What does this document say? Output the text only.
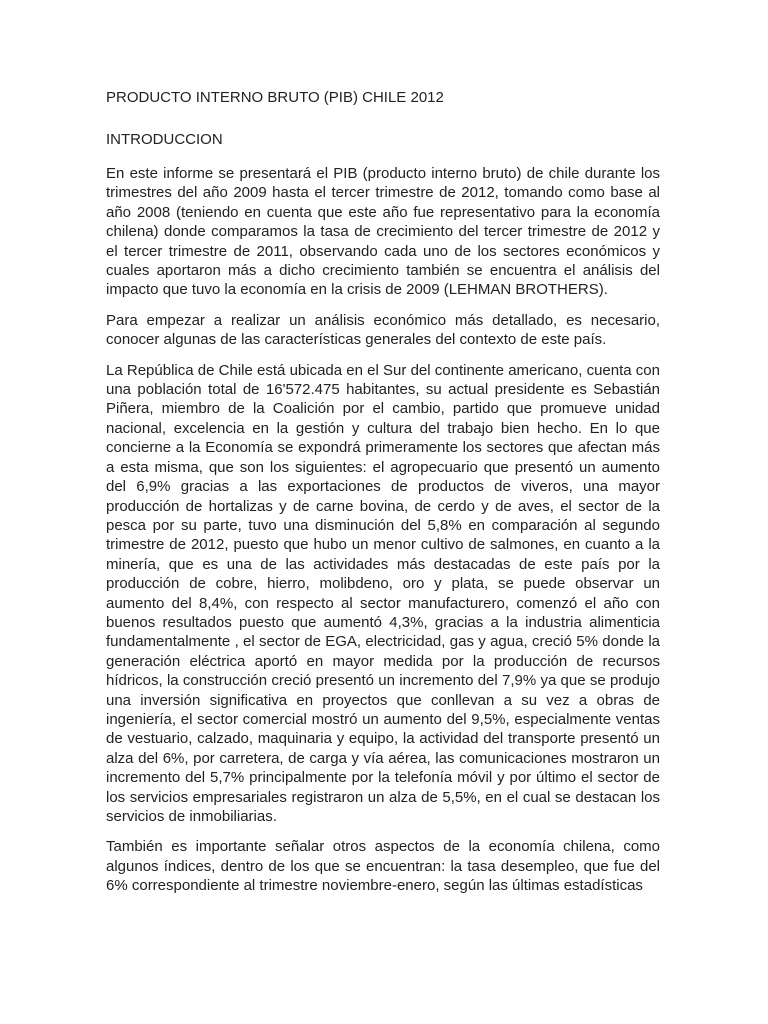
PRODUCTO INTERNO BRUTO (PIB) CHILE 2012
INTRODUCCION

En este informe se presentará el PIB (producto interno bruto) de chile durante los trimestres del año 2009 hasta el tercer trimestre de 2012, tomando como base al año 2008 (teniendo en cuenta que este año fue representativo para la economía chilena) donde comparamos la tasa de crecimiento del tercer trimestre de 2012 y el tercer trimestre de 2011, observando cada uno de los sectores económicos y cuales aportaron más a dicho crecimiento también se encuentra el análisis del impacto que tuvo la economía en la crisis de 2009 (LEHMAN BROTHERS).

Para empezar a realizar un análisis económico más detallado, es necesario, conocer algunas de las características generales del contexto de este país.

La República de Chile está ubicada en el Sur del continente americano, cuenta con una población total de 16'572.475 habitantes, su actual presidente es Sebastián Piñera, miembro de la Coalición por el cambio, partido que promueve unidad nacional, excelencia en la gestión y cultura del trabajo bien hecho. En lo que concierne a la Economía se expondrá primeramente los sectores que afectan más a esta misma, que son los siguientes: el agropecuario que presentó un aumento del 6,9% gracias a las exportaciones de productos de viveros, una mayor producción de hortalizas y de carne bovina, de cerdo y de aves, el sector de la pesca por su parte, tuvo una disminución del 5,8% en comparación al segundo trimestre de 2012, puesto que hubo un menor cultivo de salmones, en cuanto a la minería, que es una de las actividades más destacadas de este país por la producción de cobre, hierro, molibdeno, oro y plata, se puede observar un aumento del 8,4%, con respecto al sector manufacturero, comenzó el año con buenos resultados puesto que aumentó 4,3%, gracias a la industria alimenticia fundamentalmente , el sector de EGA, electricidad, gas y agua, creció 5% donde la generación eléctrica aportó en mayor medida por la producción de recursos hídricos, la construcción creció presentó un incremento del 7,9% ya que se produjo una inversión significativa en proyectos que conllevan a su vez a obras de ingeniería, el sector comercial mostró un aumento del 9,5%, especialmente ventas de vestuario, calzado, maquinaria y equipo, la actividad del transporte presentó un alza del 6%, por carretera, de carga y vía aérea, las comunicaciones mostraron un incremento del 5,7% principalmente por la telefonía móvil y por último el sector de los servicios empresariales registraron un alza de 5,5%, en el cual se destacan los servicios de inmobiliarias.

También es importante señalar otros aspectos de la economía chilena, como algunos índices, dentro de los que se encuentran: la tasa desempleo, que fue del 6% correspondiente al trimestre noviembre-enero, según las últimas estadísticas
